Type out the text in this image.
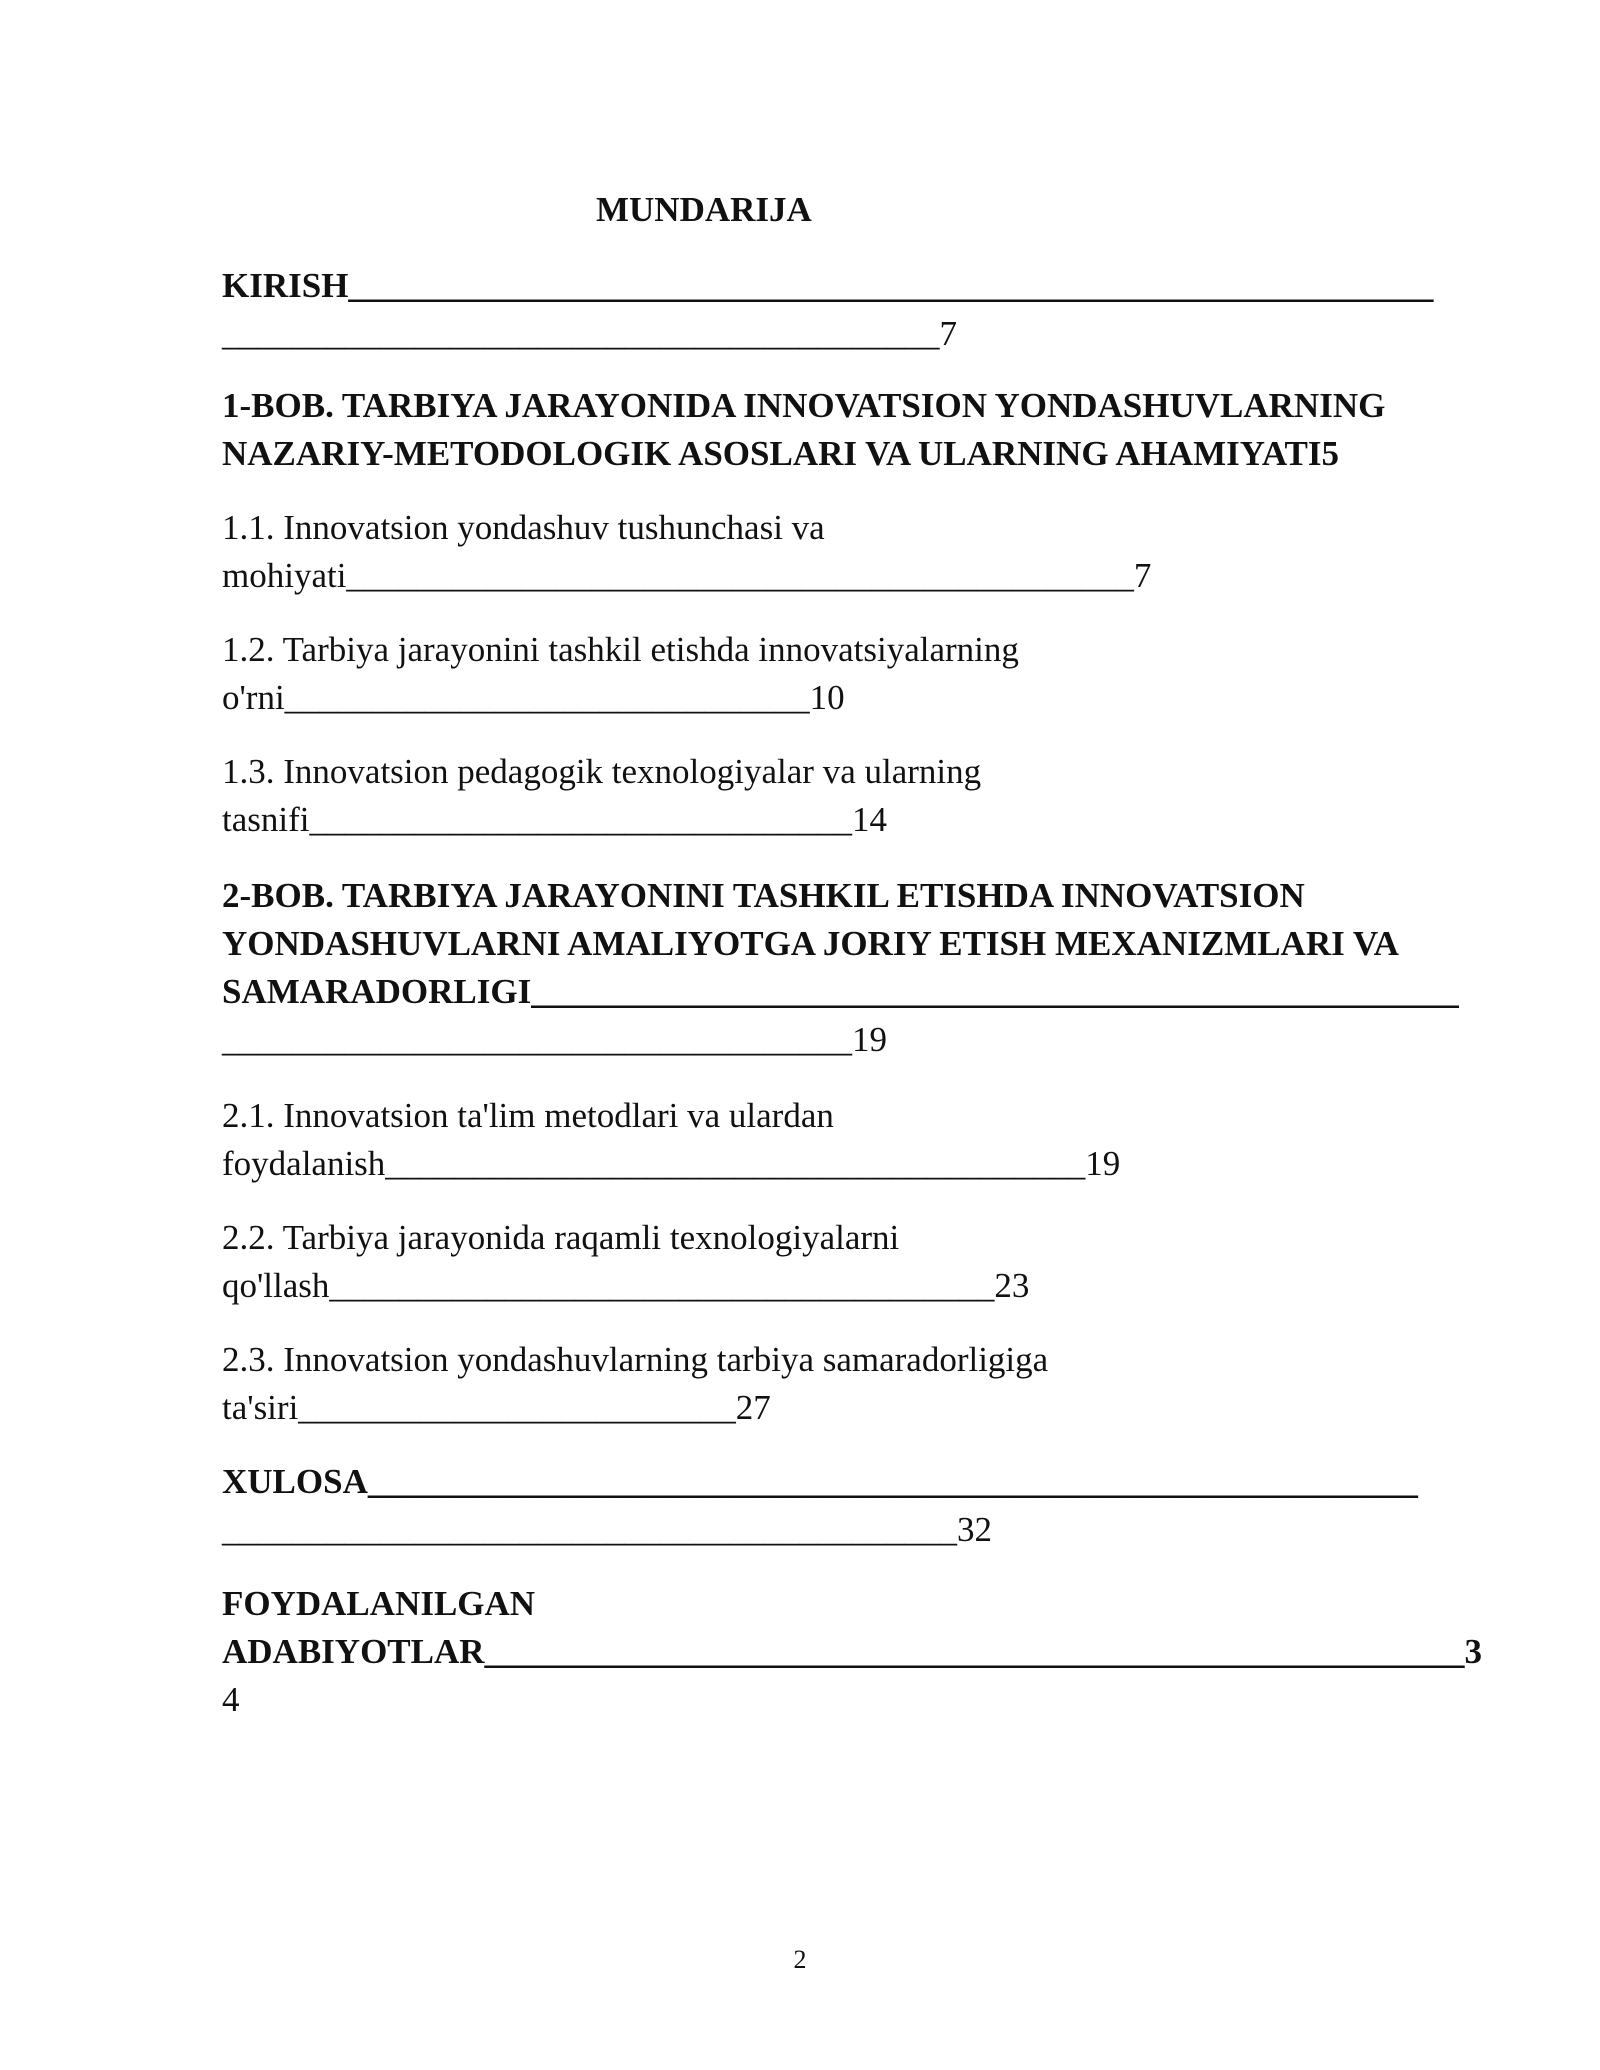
MUNDARIJA
KIRISH______________________________________________________________
_________________________________________7
1-BOB. TARBIYA JARAYONIDA INNOVATSION YONDASHUVLARNING
NAZARIY-METODOLOGIK ASOSLARI VA ULARNING AHAMIYATI5
1.1. Innovatsion yondashuv tushunchasi va
mohiyati_____________________________________________7
1.2. Tarbiya jarayonini tashkil etishda innovatsiyalarning
o'rni______________________________10
1.3. Innovatsion pedagogik texnologiyalar va ularning
tasnifi_______________________________14
2-BOB. TARBIYA JARAYONINI TASHKIL ETISHDA INNOVATSION
YONDASHUVLARNI AMALIYOTGA JORIY ETISH MEXANIZMLARI VA
SAMARADORLIGI_____________________________________________________
____________________________________19
2.1. Innovatsion ta'lim metodlari va ulardan
foydalanish________________________________________19
2.2. Tarbiya jarayonida raqamli texnologiyalarni
qo'llash______________________________________23
2.3. Innovatsion yondashuvlarning tarbiya samaradorligiga
ta'siri_________________________27
XULOSA____________________________________________________________
__________________________________________32
FOYDALANILGAN
ADABIYOTLAR________________________________________________________3
4
2
